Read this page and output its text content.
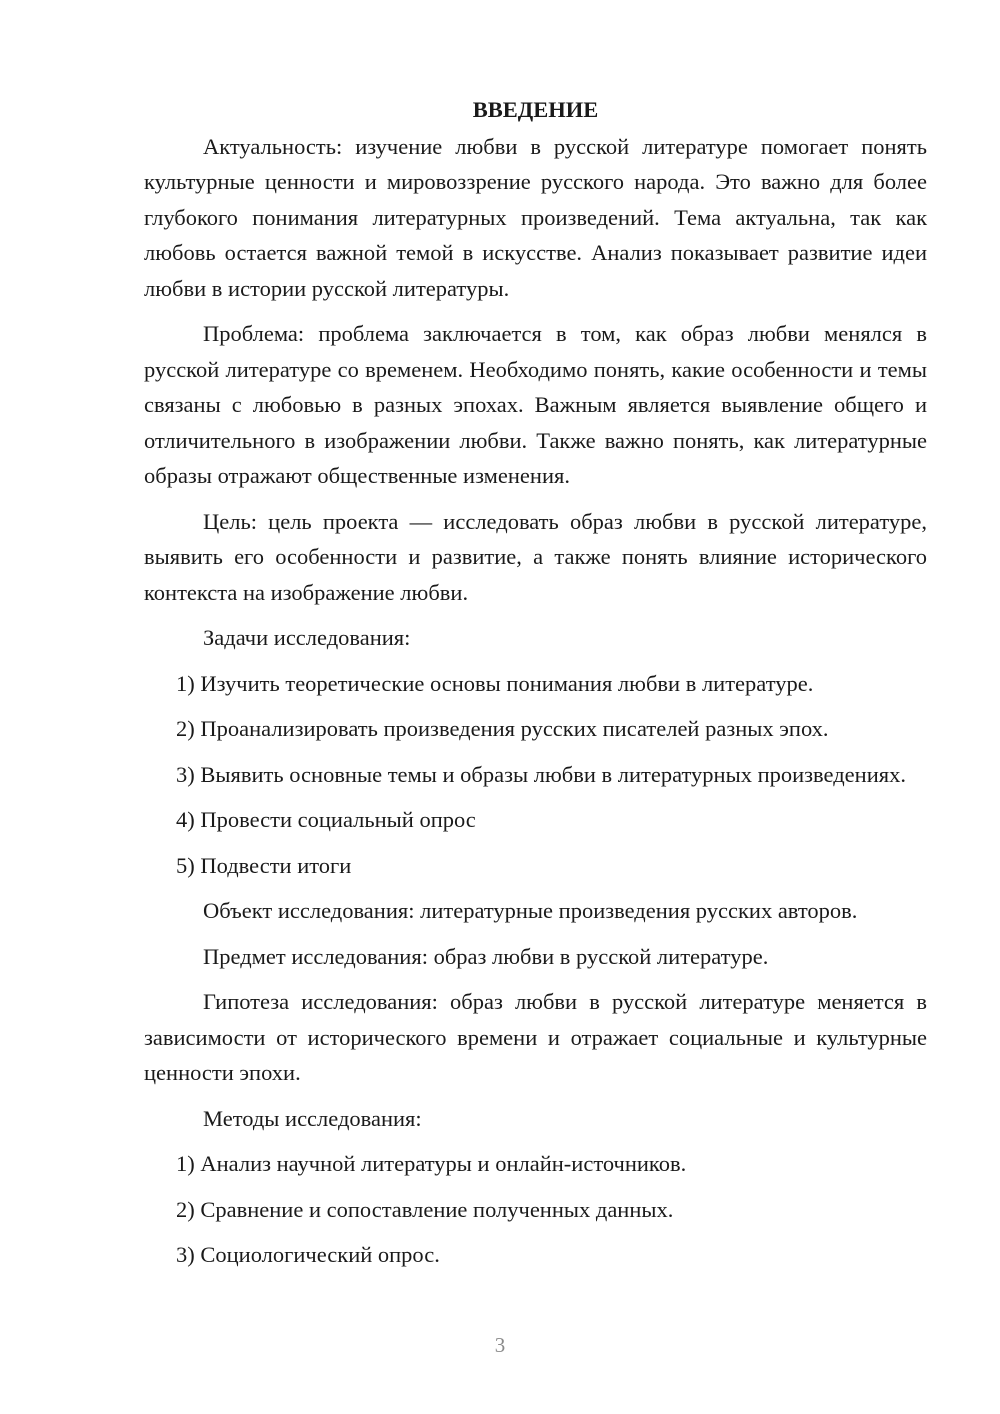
ВВЕДЕНИЕ

Актуальность: изучение любви в русской литературе помогает понять культурные ценности и мировоззрение русского народа. Это важно для более глубокого понимания литературных произведений. Тема актуальна, так как любовь остается важной темой в искусстве. Анализ показывает развитие идеи любви в истории русской литературы.

Проблема: проблема заключается в том, как образ любви менялся в русской литературе со временем. Необходимо понять, какие особенности и темы связаны с любовью в разных эпохах. Важным является выявление общего и отличительного в изображении любви. Также важно понять, как литературные образы отражают общественные изменения.

Цель: цель проекта — исследовать образ любви в русской литературе, выявить его особенности и развитие, а также понять влияние исторического контекста на изображение любви.

Задачи исследования:

1) Изучить теоретические основы понимания любви в литературе.

2) Проанализировать произведения русских писателей разных эпох.

3) Выявить основные темы и образы любви в литературных произведениях.

4) Провести социальный опрос

5) Подвести итоги

Объект исследования: литературные произведения русских авторов.

Предмет исследования: образ любви в русской литературе.

Гипотеза исследования: образ любви в русской литературе меняется в зависимости от исторического времени и отражает социальные и культурные ценности эпохи.

Методы исследования:

1) Анализ научной литературы и онлайн-источников.

2) Сравнение и сопоставление полученных данных.

3) Социологический опрос.

3
